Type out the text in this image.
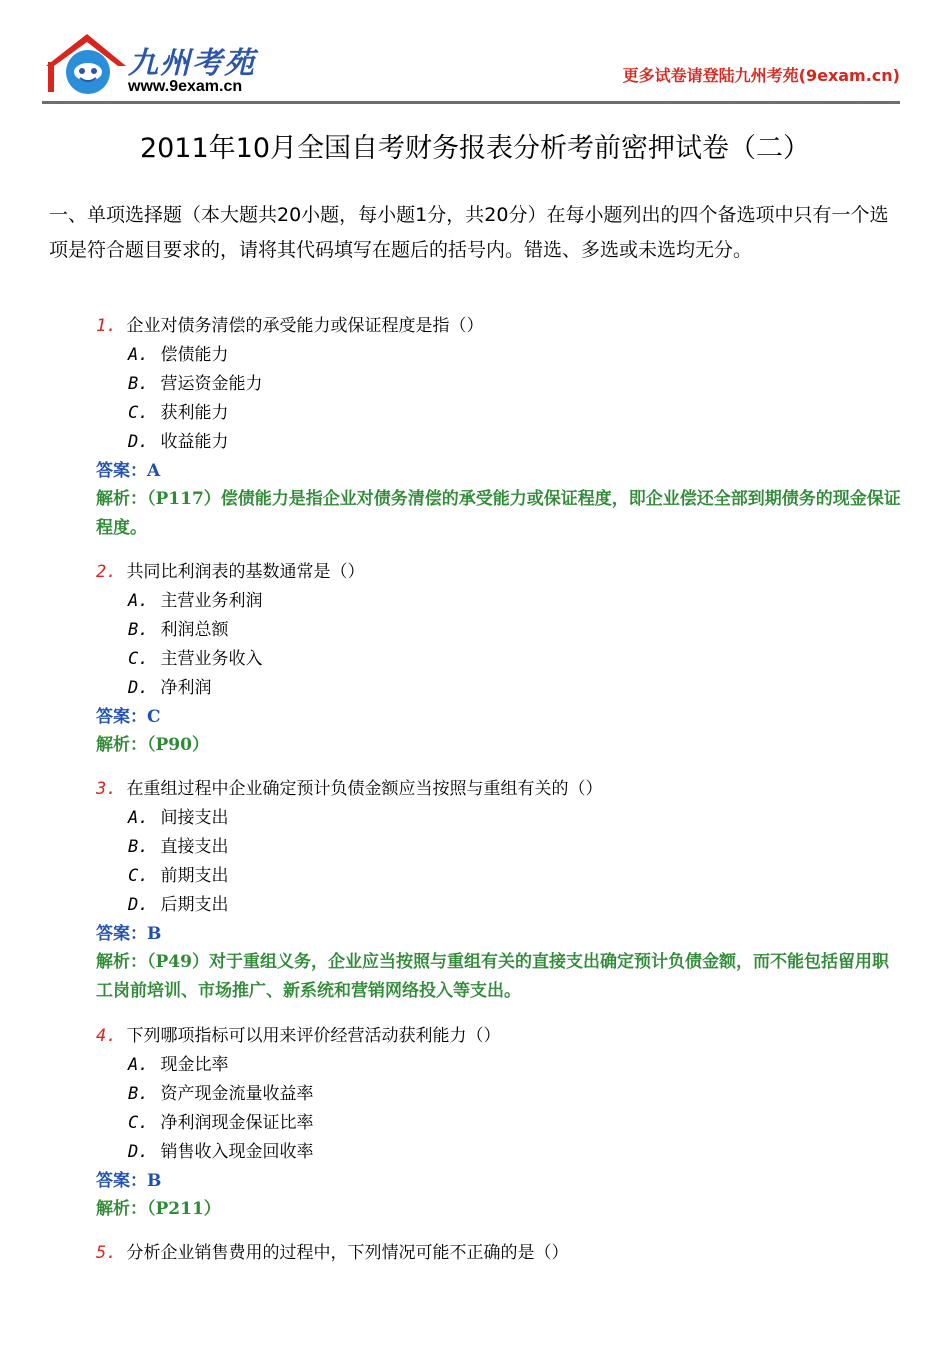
九州考苑
www.9exam.cn
更多试卷请登陆九州考苑(9exam.cn)
2011年10月全国自考财务报表分析考前密押试卷（二）
一、单项选择题（本大题共20小题，每小题1分，共20分）在每小题列出的四个备选项中只有一个选项是符合题目要求的，请将其代码填写在题后的括号内。错选、多选或未选均无分。
1. 企业对债务清偿的承受能力或保证程度是指（）
A. 偿债能力
B. 营运资金能力
C. 获利能力
D. 收益能力
答案：A
解析：（P117）偿债能力是指企业对债务清偿的承受能力或保证程度，即企业偿还全部到期债务的现金保证程度。
2. 共同比利润表的基数通常是（）
A. 主营业务利润
B. 利润总额
C. 主营业务收入
D. 净利润
答案：C
解析：（P90）
3. 在重组过程中企业确定预计负债金额应当按照与重组有关的（）
A. 间接支出
B. 直接支出
C. 前期支出
D. 后期支出
答案：B
解析：（P49）对于重组义务，企业应当按照与重组有关的直接支出确定预计负债金额，而不能包括留用职工岗前培训、市场推广、新系统和营销网络投入等支出。
4. 下列哪项指标可以用来评价经营活动获利能力（）
A. 现金比率
B. 资产现金流量收益率
C. 净利润现金保证比率
D. 销售收入现金回收率
答案：B
解析：（P211）
5. 分析企业销售费用的过程中，下列情况可能不正确的是（）
